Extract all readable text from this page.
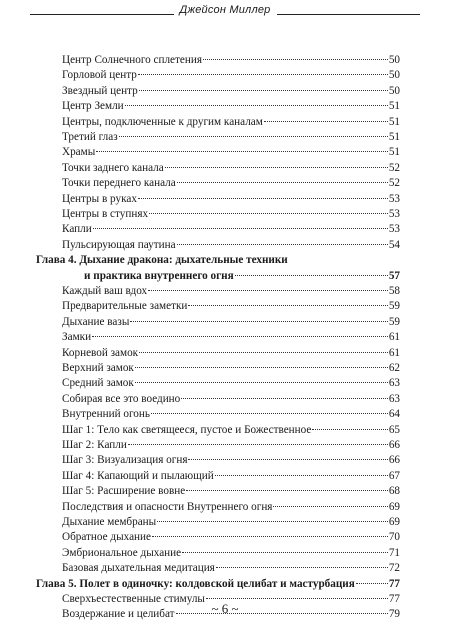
Джейсон Миллер
Центр Солнечного сплетения	50
Горловой центр	50
Звездный центр	50
Центр Земли	51
Центры, подключенные к другим каналам	51
Третий глаз	51
Храмы	51
Точки заднего канала	52
Точки переднего канала	52
Центры в руках	53
Центры в ступнях	53
Капли	53
Пульсирующая паутина	54
Глава 4. Дыхание дракона: дыхательные техники
и практика внутреннего огня	57
Каждый ваш вдох	58
Предварительные заметки	59
Дыхание вазы	59
Замки	61
Корневой замок	61
Верхний замок	62
Средний замок	63
Собирая все это воедино	63
Внутренний огонь	64
Шаг 1: Тело как светящееся, пустое и Божественное	65
Шаг 2: Капли	66
Шаг 3: Визуализация огня	66
Шаг 4: Капающий и пылающий	67
Шаг 5: Расширение вовне	68
Последствия и опасности Внутреннего огня	69
Дыхание мембраны	69
Обратное дыхание	70
Эмбриональное дыхание	71
Базовая дыхательная медитация	72
Глава 5. Полет в одиночку: колдовской целибат и мастурбация	77
Сверхъестественные стимулы	77
Воздержание и целибат	79
~ 6 ~
